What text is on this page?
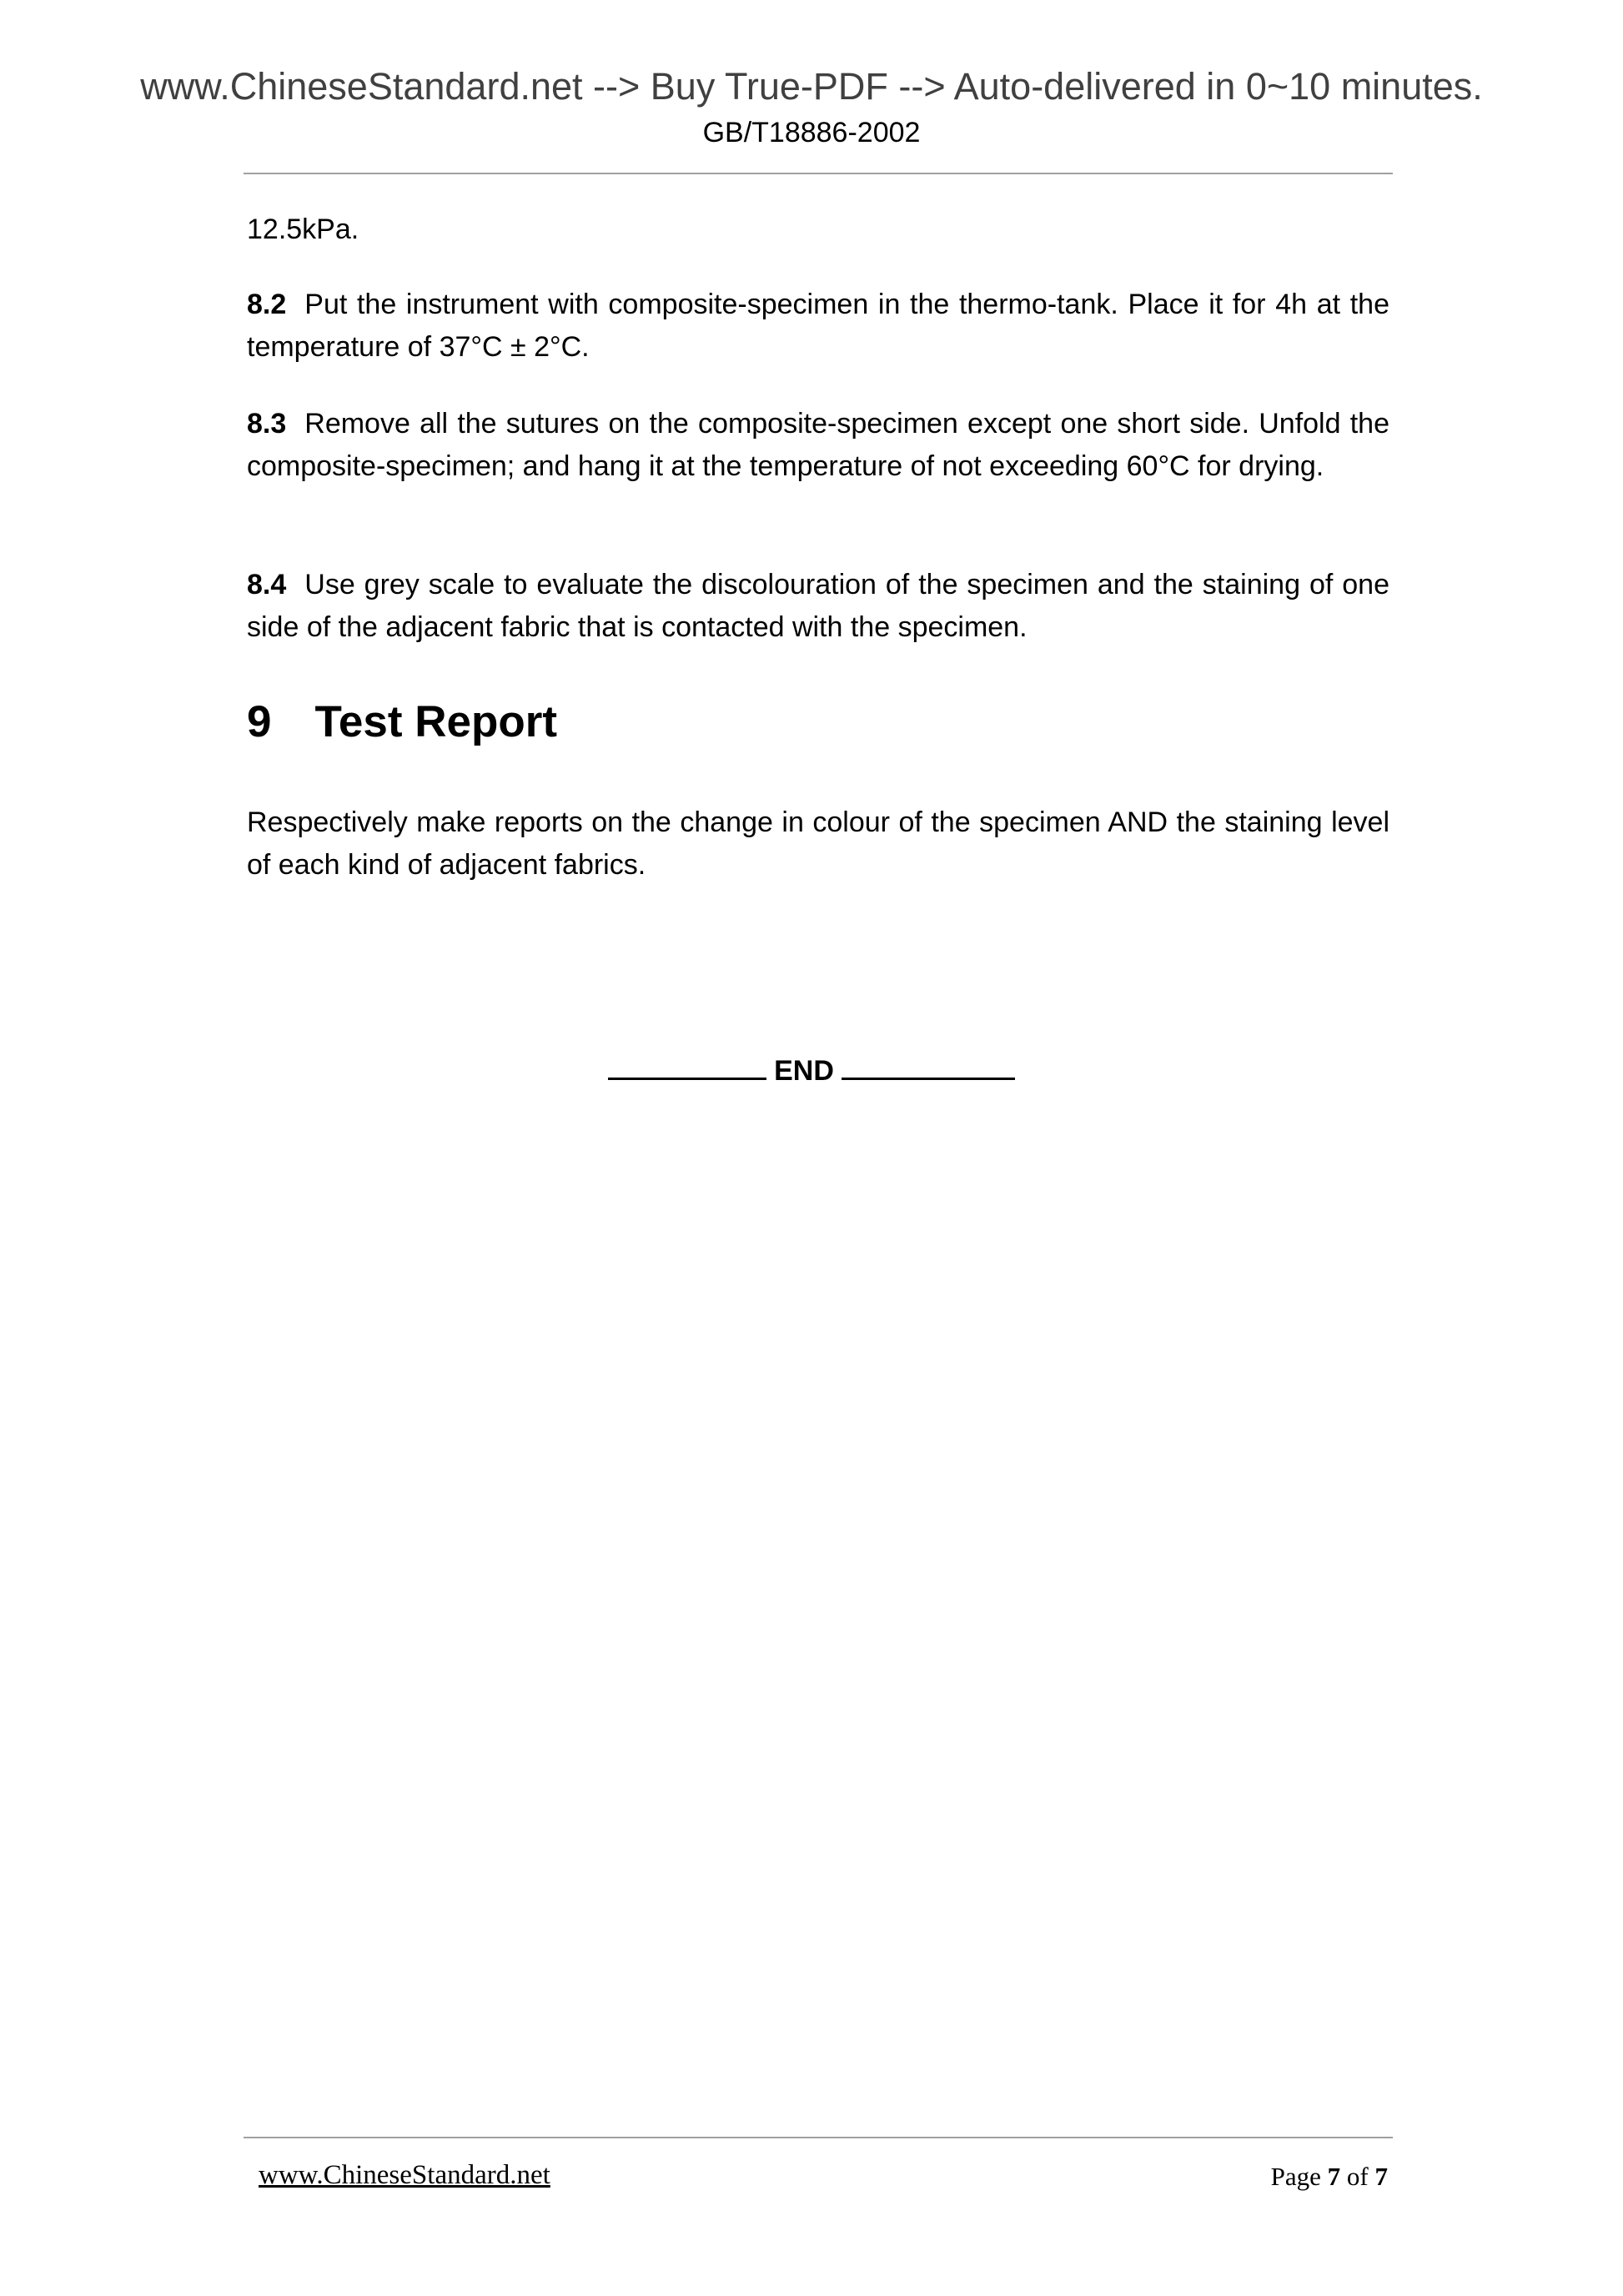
www.ChineseStandard.net --> Buy True-PDF --> Auto-delivered in 0~10 minutes.
GB/T18886-2002
12.5kPa.
8.2 Put the instrument with composite-specimen in the thermo-tank. Place it for 4h at the temperature of 37°C ± 2°C.
8.3 Remove all the sutures on the composite-specimen except one short side. Unfold the composite-specimen; and hang it at the temperature of not exceeding 60°C for drying.
8.4 Use grey scale to evaluate the discolouration of the specimen and the staining of one side of the adjacent fabric that is contacted with the specimen.
9 Test Report
Respectively make reports on the change in colour of the specimen AND the staining level of each kind of adjacent fabrics.
END
www.ChineseStandard.net	Page 7 of 7
